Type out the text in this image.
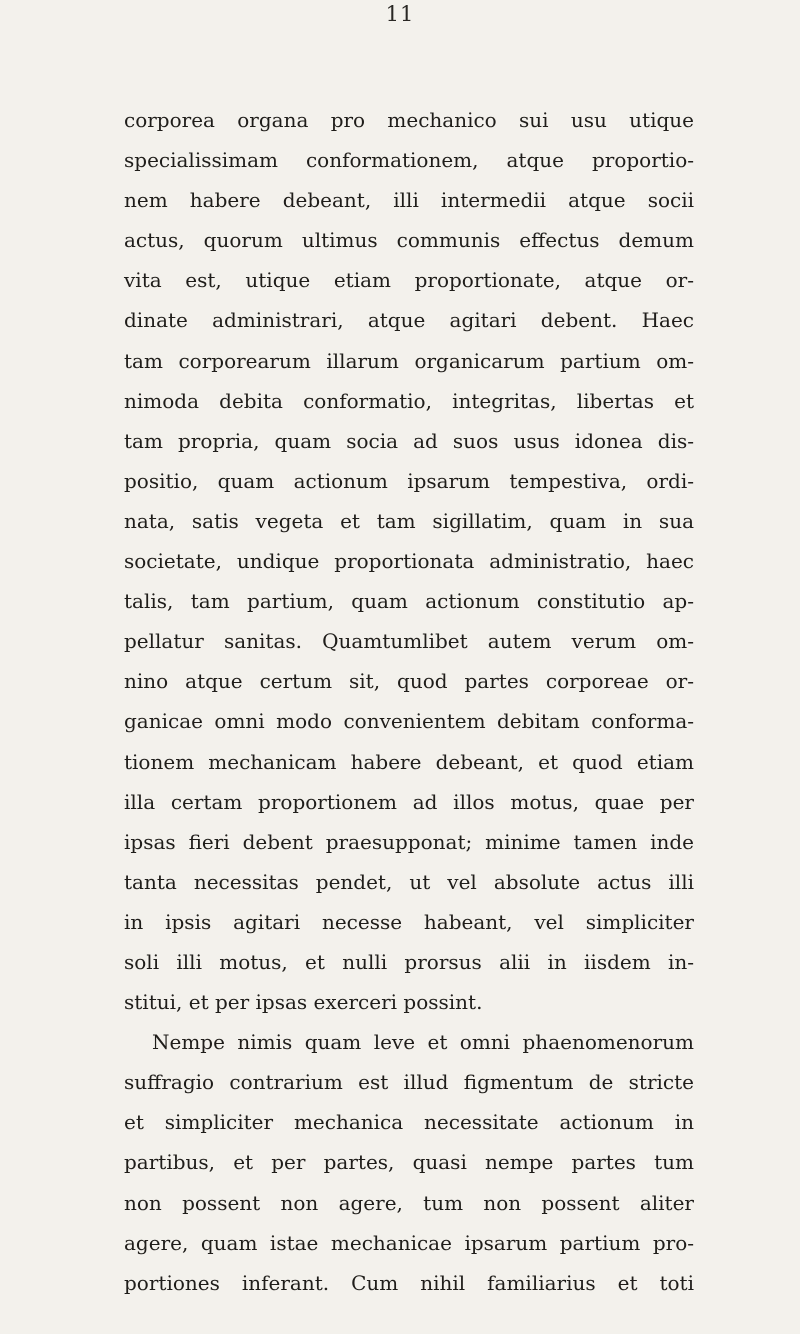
11
corporea organa pro mechanico sui usu utique
specialissimam conformationem, atque proportio-
nem habere debeant, illi intermedii atque socii
actus, quorum ultimus communis effectus demum
vita est, utique etiam proportionate, atque or-
dinate administrari, atque agitari debent. Haec
tam corporearum illarum organicarum partium om-
nimoda debita conformatio, integritas, libertas et
tam propria, quam socia ad suos usus idonea dis-
positio, quam actionum ipsarum tempestiva, ordi-
nata, satis vegeta et tam sigillatim, quam in sua
societate, undique proportionata administratio, haec
talis, tam partium, quam actionum constitutio ap-
pellatur sanitas. Quamtumlibet autem verum om-
nino atque certum sit, quod partes corporeae or-
ganicae omni modo convenientem debitam conforma-
tionem mechanicam habere debeant, et quod etiam
illa certam proportionem ad illos motus, quae per
ipsas fieri debent praesupponat; minime tamen inde
tanta necessitas pendet, ut vel absolute actus illi
in ipsis agitari necesse habeant, vel simpliciter
soli illi motus, et nulli prorsus alii in iisdem in-
stitui, et per ipsas exerceri possint.
Nempe nimis quam leve et omni phaenomenorum
suffragio contrarium est illud figmentum de stricte
et simpliciter mechanica necessitate actionum in
partibus, et per partes, quasi nempe partes tum
non possent non agere, tum non possent aliter
agere, quam istae mechanicae ipsarum partium pro-
portiones inferant. Cum nihil familiarius et toti
